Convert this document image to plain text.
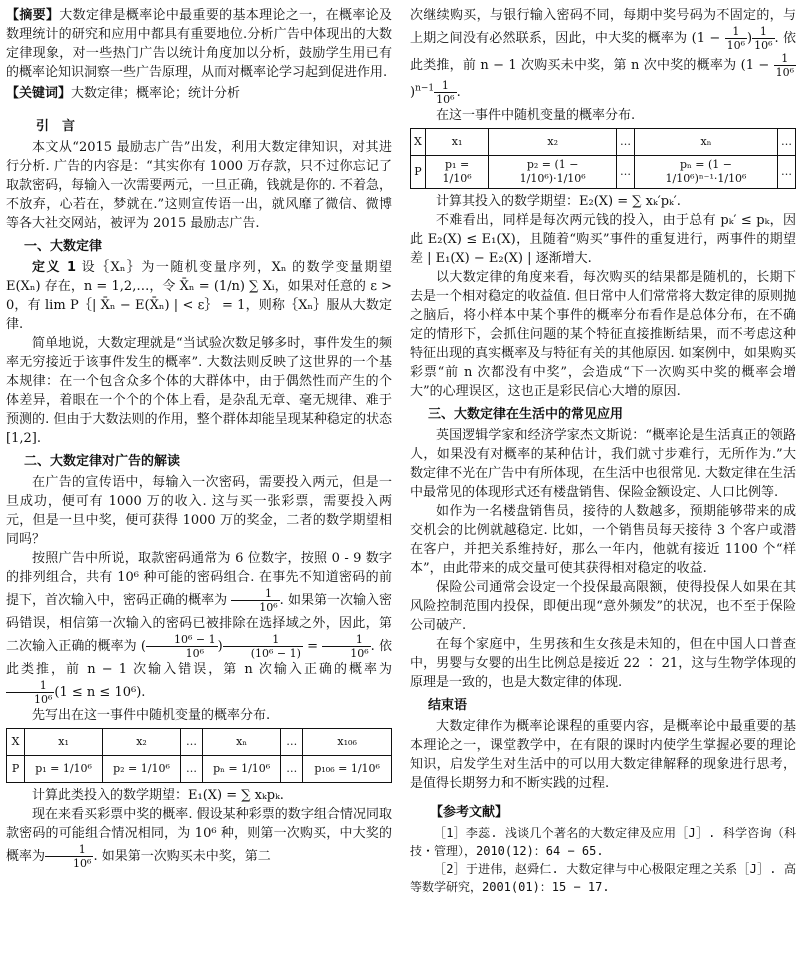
【摘要】大数定律是概率论中最重要的基本理论之一，在概率论及数理统计的研究和应用中都具有重要地位.分析广告中体现出的大数定律现象，对一些热门广告以统计角度加以分析，鼓励学生用已有的概率论知识洞察一些广告原理，从而对概率论学习起到促进作用.

【关键词】大数定律；概率论；统计分析

引　言

本文从“2015 最励志广告”出发，利用大数定律知识，对其进行分析. 广告的内容是：“其实你有 1000 万存款，只不过你忘记了取款密码，每输入一次需要两元，一旦正确，钱就是你的. 不着急，不放弃，心若在，梦就在.”这则宣传语一出，就风靡了微信、微博等各大社交网站，被评为 2015 最励志广告.

一、大数定律

定义 1 设｛Xₙ｝为一随机变量序列，Xₙ 的数学变量期望 E(Xₙ) 存在，n = 1,2,…，令 X̄ₙ = (1/n) ∑ Xᵢ，如果对任意的 ε > 0，有 lim P｛| X̄ₙ − E(X̄ₙ) | < ε｝ = 1，则称｛Xₙ｝服从大数定律.

简单地说，大数定理就是“当试验次数足够多时，事件发生的频率无穷接近于该事件发生的概率”. 大数法则反映了这世界的一个基本规律：在一个包含众多个体的大群体中，由于偶然性而产生的个体差异，着眼在一个个的个体上看，是杂乱无章、毫无规律、难于预测的. 但由于大数法则的作用，整个群体却能呈现某种稳定的状态[1,2].

二、大数定律对广告的解读

在广告的宣传语中，每输入一次密码，需要投入两元，但是一旦成功，便可有 1000 万的收入. 这与买一张彩票，需要投入两元，但是一旦中奖，便可获得 1000 万的奖金，二者的数学期望相同吗？

按照广告中所说，取款密码通常为 6 位数字，按照 0 - 9 数字的排列组合，共有 10⁶ 种可能的密码组合. 在事先不知道密码的前提下，首次输入中，密码正确的概率为 $\frac{1}{\text{10⁶}}$ . 如果第一次输入密码错误，相信第一次输入的密码已被排除在选择域之外，因此，第二次输入正确的概率为 ( $\frac{\text{10⁶ − 1}}{\text{10⁶}}$ ) $\frac{1}{\text{(10⁶ − 1)}} = \frac{1}{\text{10⁶}}$ . 依此类推，前 n − 1 次输入错误，第 n 次输入正确的概率为
$\frac{1}{\text{10⁶}} (1 \le n \le 10^6)$.

先写出在这一事件中随机变量的概率分布.

X	x₁	x₂	…	xₙ	…	x₁₀₆
P	p₁ = 1/10⁶	p₂ = 1/10⁶	…	pₙ = 1/10⁶	…	p₁₀₆ = 1/10⁶

计算此类投入的数学期望：E₁(X) = ∑ xₖpₖ.

现在来看买彩票中奖的概率. 假设某种彩票的数字组合情况同取款密码的可能组合情况相同，为 10⁶ 种，则第一次购买，中大奖的概率为 $\frac{1}{\text{10⁶}}$ . 如果第一次购买未中奖，第二

次继续购买，与银行输入密码不同，每期中奖号码为不固定的，与上期之间没有必然联系，因此，中大奖的概率为 ($1 - \frac{1}{\text{10⁶}}$ ) $\frac{1}{\text{10⁶}}$ . 依此类推，前 n − 1 次购买未中奖，第 n 次中奖的概率为 ($1 - \frac{1}{\text{10⁶}}$
)$^{n-1} \frac{1}{\text{10⁶}}$ .

在这一事件中随机变量的概率分布.

X	x₁	x₂	…	xₙ	…
P	p₁ = 1/10⁶	p₂ = (1 − 1/10⁶)·1/10⁶	…	pₙ = (1 − 1/10⁶)ⁿ⁻¹·1/10⁶	…

计算其投入的数学期望：E₂(X) = ∑ xₖ′pₖ′.

不难看出，同样是每次两元钱的投入，由于总有 pₖ′ ≤ pₖ，因此 E₂(X) ≤ E₁(X)，且随着“购买”事件的重复进行，两事件的期望差 | E₁(X) − E₂(X) | 逐渐增大.

以大数定律的角度来看，每次购买的结果都是随机的，长期下去是一个相对稳定的收益值. 但日常中人们常常将大数定律的原则抛之脑后，将小样本中某个事件的概率分布看作是总体分布，在不确定的情形下，会抓住问题的某个特征直接推断结果，而不考虑这种特征出现的真实概率及与特征有关的其他原因. 如案例中，如果购买彩票“前 n 次都没有中奖”，会造成“下一次购买中奖的概率会增大”的心理误区，这也正是彩民信心大增的原因.

三、大数定律在生活中的常见应用

英国逻辑学家和经济学家杰文斯说：“概率论是生活真正的领路人，如果没有对概率的某种估计，我们就寸步难行，无所作为.”大数定律不光在广告中有所体现，在生活中也很常见. 大数定律在生活中最常见的体现形式还有楼盘销售、保险金额设定、人口比例等.

如作为一名楼盘销售员，接待的人数越多，预期能够带来的成交机会的比例就越稳定. 比如，一个销售员每天接待 3 个客户或潜在客户，并把关系维持好，那么一年内，他就有接近 1100 个“样本”，由此带来的成交量可使其获得相对稳定的收益.

保险公司通常会设定一个投保最高限额，使得投保人如果在其风险控制范围内投保，即便出现“意外频发”的状况，也不至于保险公司破产.

在每个家庭中，生男孩和生女孩是未知的，但在中国人口普查中，男婴与女婴的出生比例总是接近 22 ∶ 21，这与生物学体现的原理是一致的，也是大数定律的体现.

结束语

大数定律作为概率论课程的重要内容，是概率论中最重要的基本理论之一，课堂教学中，在有限的课时内使学生掌握必要的理论知识，启发学生对生活中的可以用大数定律解释的现象进行思考，是值得长期努力和不断实践的过程.

【参考文献】

［1］李蕊. 浅谈几个著名的大数定律及应用［J］. 科学咨询（科技・管理），2010(12)：64 − 65.

［2］于进伟，赵舜仁. 大数定律与中心极限定理之关系［J］. 高等数学研究，2001(01)：15 − 17.
